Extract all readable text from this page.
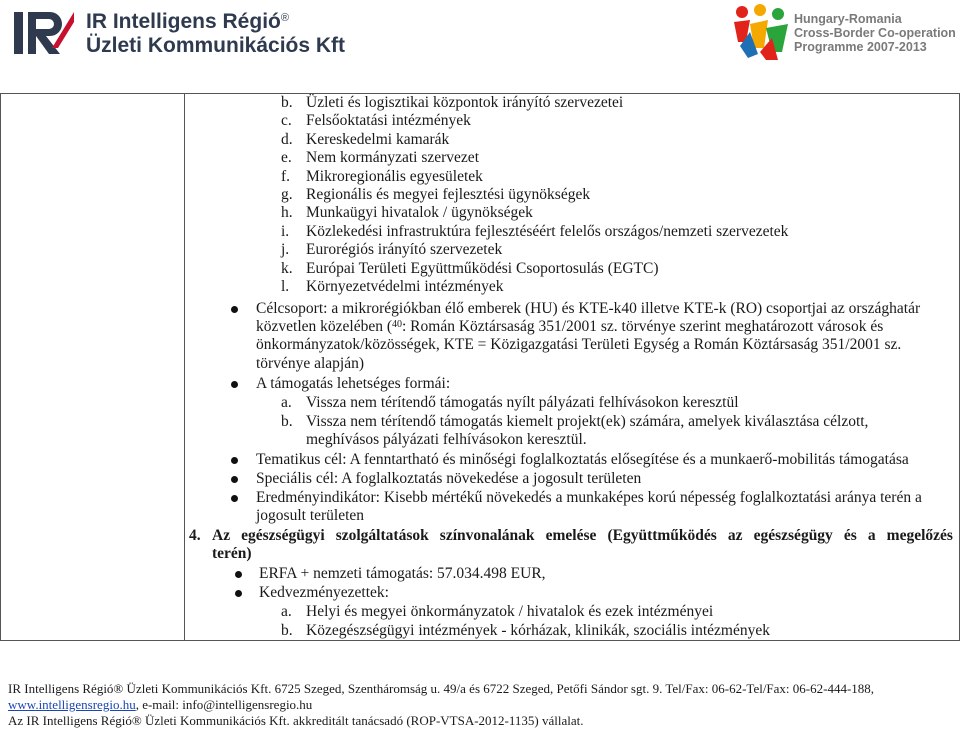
IR Intelligens Régió®
Üzleti Kommunikációs Kft
Hungary-Romania
Cross-Border Co-operation
Programme 2007-2013
b. Üzleti és logisztikai központok irányító szervezetei
c. Felsőoktatási intézmények
d. Kereskedelmi kamarák
e. Nem kormányzati szervezet
f. Mikroregionális egyesületek
g. Regionális és megyei fejlesztési ügynökségek
h. Munkaügyi hivatalok / ügynökségek
i. Közlekedési infrastruktúra fejlesztéséért felelős országos/nemzeti szervezetek
j. Eurorégiós irányító szervezetek
k. Európai Területi Együttműködési Csoportosulás (EGTC)
l. Környezetvédelmi intézmények
Célcsoport: a mikrorégiókban élő emberek (HU) és KTE-k40 illetve KTE-k (RO) csoportjai az országhatár
közvetlen közelében ($^{40}$: Román Köztársaság 351/2001 sz. törvénye szerint meghatározott városok és
önkormányzatok/közösségek, KTE = Közigazgatási Területi Egység a Román Köztársaság 351/2001 sz.
törvénye alapján)
A támogatás lehetséges formái:
a. Vissza nem térítendő támogatás nyílt pályázati felhívásokon keresztül
b. Vissza nem térítendő támogatás kiemelt projekt(ek) számára, amelyek kiválasztása célzott,
meghívásos pályázati felhívásokon keresztül.
Tematikus cél: A fenntartható és minőségi foglalkoztatás elősegítése és a munkaerő-mobilitás támogatása
Speciális cél: A foglalkoztatás növekedése a jogosult területen
Eredményindikátor: Kisebb mértékű növekedés a munkaképes korú népesség foglalkoztatási aránya terén a
jogosult területen
4. Az egészségügyi szolgáltatások színvonalának emelése (Együttműködés az egészségügy és a megelőzés
terén)
ERFA + nemzeti támogatás: 57.034.498 EUR,
Kedvezményezettek:
a. Helyi és megyei önkormányzatok / hivatalok és ezek intézményei
b. Közegészségügyi intézmények - kórházak, klinikák, szociális intézmények
IR Intelligens Régió® Üzleti Kommunikációs Kft. 6725 Szeged, Szentháromság u. 49/a és 6722 Szeged, Petőfi Sándor sgt. 9. Tel/Fax: 06-62-Tel/Fax: 06-62-444-188,
www.intelligensregio.hu, e-mail: info@intelligensregio.hu
Az IR Intelligens Régió® Üzleti Kommunikációs Kft. akkreditált tanácsadó (ROP-VTSA-2012-1135) vállalat.
